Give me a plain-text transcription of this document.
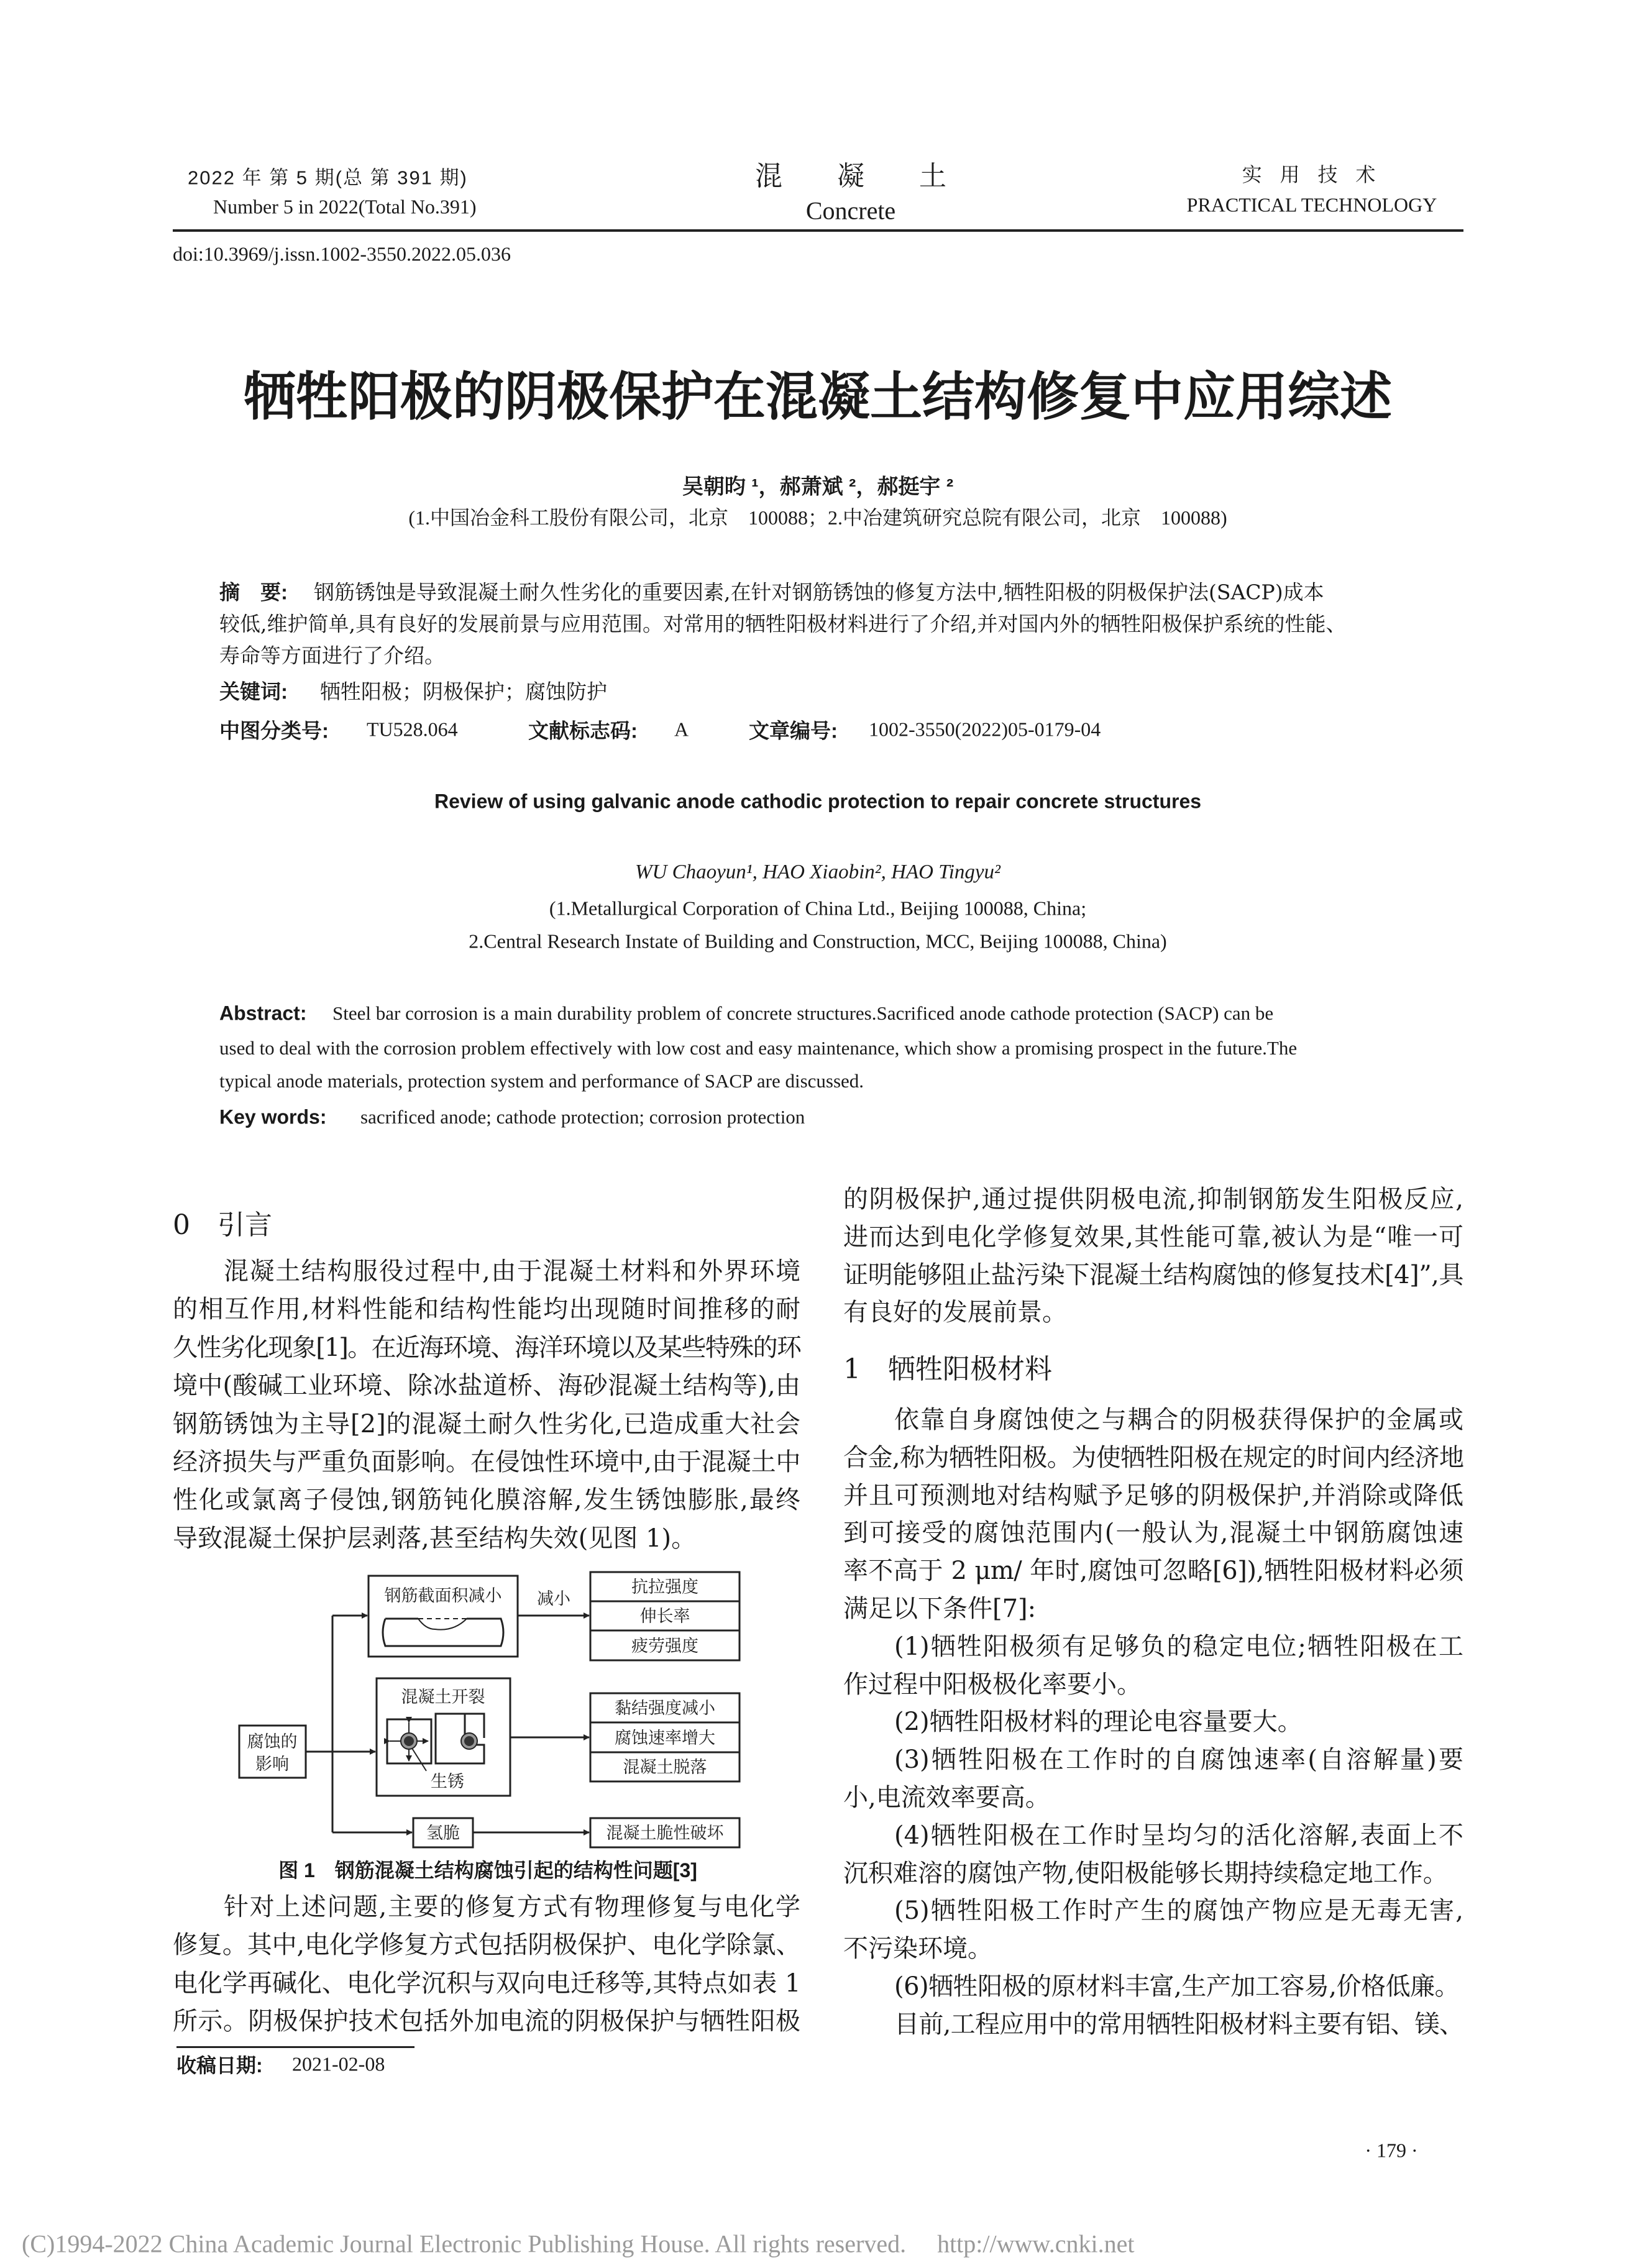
2022 年 第 5 期(总 第 391 期)
Number 5 in 2022(Total No.391)
混　　凝　　土
Concrete
实 用 技 术
PRACTICAL TECHNOLOGY
doi:10.3969/j.issn.1002-3550.2022.05.036
牺牲阳极的阴极保护在混凝土结构修复中应用综述
吴朝昀 ¹，郝萧斌 ²，郝挺宇 ²
(1.中国冶金科工股份有限公司，北京　100088；2.中冶建筑研究总院有限公司，北京　100088)
摘　要: 钢筋锈蚀是导致混凝土耐久性劣化的重要因素,在针对钢筋锈蚀的修复方法中,牺牲阳极的阴极保护法(SACP)成本
较低,维护简单,具有良好的发展前景与应用范围。对常用的牺牲阳极材料进行了介绍,并对国内外的牺牲阳极保护系统的性能、
寿命等方面进行了介绍。
关键词: 牺牲阳极；阴极保护；腐蚀防护
中图分类号: TU528.064	文献标志码: A	文章编号: 1002-3550(2022)05-0179-04
Review of using galvanic anode cathodic protection to repair concrete structures
WU Chaoyun¹, HAO Xiaobin², HAO Tingyu²
(1.Metallurgical Corporation of China Ltd., Beijing 100088, China;
2.Central Research Instate of Building and Construction, MCC, Beijing 100088, China)
Abstract: Steel bar corrosion is a main durability problem of concrete structures.Sacrificed anode cathode protection (SACP) can be
used to deal with the corrosion problem effectively with low cost and easy maintenance, which show a promising prospect in the future.The
typical anode materials, protection system and performance of SACP are discussed.
Key words: sacrificed anode; cathode protection; corrosion protection
0　引言
混凝土结构服役过程中,由于混凝土材料和外界环境
的相互作用,材料性能和结构性能均出现随时间推移的耐
久性劣化现象[1]。在近海环境、海洋环境以及某些特殊的环
境中(酸碱工业环境、除冰盐道桥、海砂混凝土结构等),由
钢筋锈蚀为主导[2]的混凝土耐久性劣化,已造成重大社会
经济损失与严重负面影响。在侵蚀性环境中,由于混凝土中
性化或氯离子侵蚀,钢筋钝化膜溶解,发生锈蚀膨胀,最终
导致混凝土保护层剥落,甚至结构失效(见图 1)。
钢筋截面积减小 减小
抗拉强度
伸长率
疲劳强度
腐蚀的
影响
混凝土开裂
生锈
黏结强度减小
腐蚀速率增大
混凝土脱落
氢脆	混凝土脆性破坏
图 1　钢筋混凝土结构腐蚀引起的结构性问题[3]
针对上述问题,主要的修复方式有物理修复与电化学
修复。其中,电化学修复方式包括阴极保护、电化学除氯、
电化学再碱化、电化学沉积与双向电迁移等,其特点如表 1
所示。阴极保护技术包括外加电流的阴极保护与牺牲阳极
收稿日期: 2021-02-08
的阴极保护,通过提供阴极电流,抑制钢筋发生阳极反应,
进而达到电化学修复效果,其性能可靠,被认为是“唯一可
证明能够阻止盐污染下混凝土结构腐蚀的修复技术[4]”,具
有良好的发展前景。
1　牺牲阳极材料
依靠自身腐蚀使之与耦合的阴极获得保护的金属或
合金,称为牺牲阳极。为使牺牲阳极在规定的时间内经济地
并且可预测地对结构赋予足够的阴极保护,并消除或降低
到可接受的腐蚀范围内(一般认为,混凝土中钢筋腐蚀速
率不高于 2 μm/ 年时,腐蚀可忽略[6]),牺牲阳极材料必须
满足以下条件[7]:
(1)牺牲阳极须有足够负的稳定电位;牺牲阳极在工
作过程中阳极极化率要小。
(2)牺牲阳极材料的理论电容量要大。
(3)牺牲阳极在工作时的自腐蚀速率(自溶解量)要
小,电流效率要高。
(4)牺牲阳极在工作时呈均匀的活化溶解,表面上不
沉积难溶的腐蚀产物,使阳极能够长期持续稳定地工作。
(5)牺牲阳极工作时产生的腐蚀产物应是无毒无害,
不污染环境。
(6)牺牲阳极的原材料丰富,生产加工容易,价格低廉。
目前,工程应用中的常用牺牲阳极材料主要有铝、镁、
· 179 ·
(C)1994-2022 China Academic Journal Electronic Publishing House. All rights reserved.　 http://www.cnki.net
